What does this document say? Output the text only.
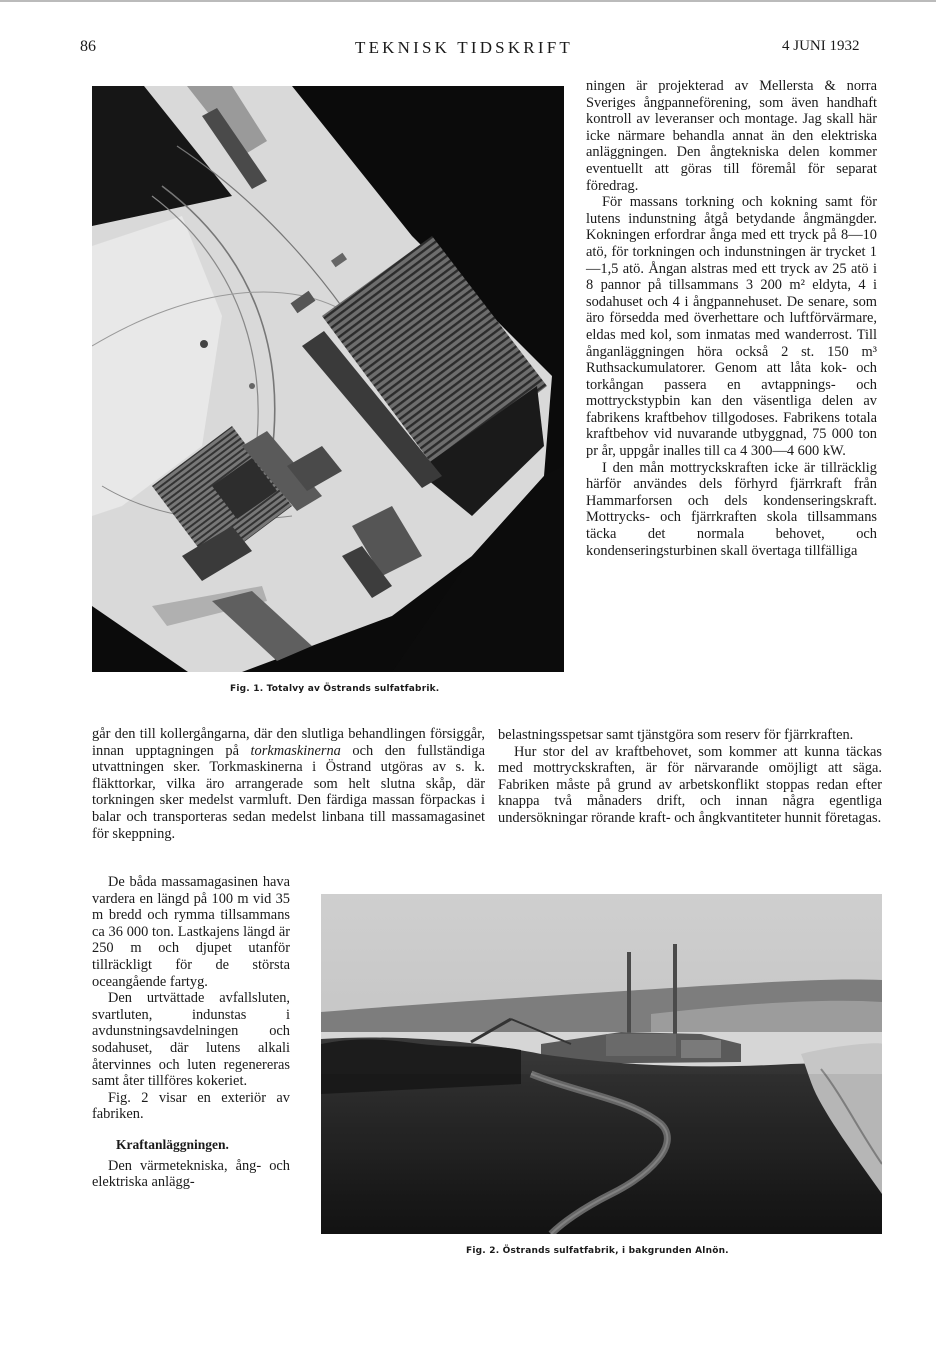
86	TEKNISK TIDSKRIFT	4 JUNI 1932
Fig. 1. Totalvy av Östrands sulfatfabrik.

ningen är projekterad av Mellersta & norra Sveriges ångpanneförening, som även handhaft kontroll av leveranser och montage. Jag skall här icke närmare behandla annat än den elektriska anläggningen. Den ångtekniska delen kommer eventuellt att göras till föremål för separat föredrag.

För massans torkning och kokning samt för lutens indunstning åtgå betydande ångmängder. Kokningen erfordrar ånga med ett tryck på 8—10 atö, för torkningen och indunstningen är trycket 1—1,5 atö. Ångan alstras med ett tryck av 25 atö i 8 pannor på tillsammans 3 200 m² eldyta, 4 i sodahuset och 4 i ångpannehuset. De senare, som äro försedda med överhettare och luftförvärmare, eldas med kol, som inmatas med wanderrost. Till ånganläggningen höra också 2 st. 150 m³ Ruthsackumulatorer. Genom att låta kok- och torkångan passera en avtappnings- och mottryckstурbin kan den väsentliga delen av fabrikens kraftbehov tillgodoses. Fabrikens totala kraftbehov vid nuvarande utbyggnad, 75 000 ton pr år, uppgår inalles till ca 4 300—4 600 kW.

I den mån mottryckskraften icke är tillräcklig härför användes dels förhyrd fjärrkraft från Hammarforsen och dels kondenseringskraft. Mottrycks- och fjärrkraften skola tillsammans täcka det normala behovet, och kondenseringsturbinen skall övertaga tillfälliga

belastningsspetsar samt tjänstgöra som reserv för fjärrkraften.

Hur stor del av kraftbehovet, som kommer att kunna täckas med mottryckskraften, är för närvarande omöjligt att säga. Fabriken måste på grund av arbetskonflikt stoppas redan efter knappa två månaders drift, och innan några egentliga undersökningar rörande kraft- och ångkvantiteter hunnit företagas.

går den till kollergångarna, där den slutliga behandlingen försiggår, innan upptagningen på torkmaskinerna och den fullständiga utvattningen sker. Torkmaskinerna i Östrand utgöras av s. k. fläkttorkar, vilka äro arrangerade som helt slutna skåp, där torkningen sker medelst varmluft. Den färdiga massan förpackas i balar och transporteras sedan medelst linbana till massamagasinet för skeppning.

De båda massamagasinen hava vardera en längd på 100 m vid 35 m bredd och rymma tillsammans ca 36 000 ton. Lastkajens längd är 250 m och djupet utanför tillräckligt för de största oceangående fartyg.

Den urtvättade avfallsluten, svartluten, indunstas i avdunstningsavdelningen och sodahuset, där lutens alkali återvinnes och luten regenereras samt åter tillföres kokeriet.

Fig. 2 visar en exteriör av fabriken.

Kraftanläggningen.

Den värmetekniska, ång- och elektriska anlägg-

Fig. 2. Östrands sulfatfabrik, i bakgrunden Alnön.
